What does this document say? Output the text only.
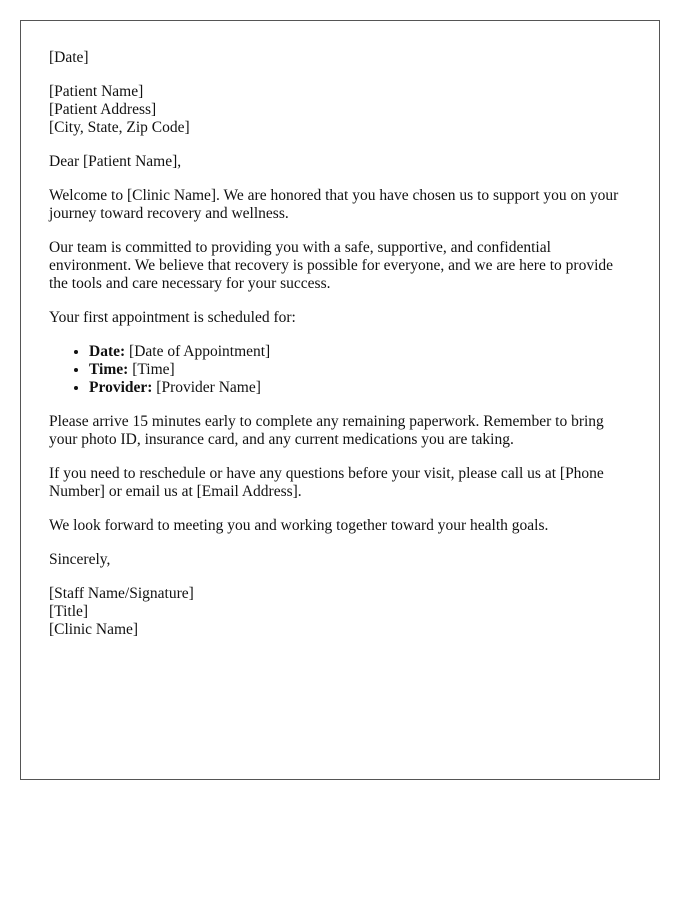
[Date]

[Patient Name]
[Patient Address]
[City, State, Zip Code]

Dear [Patient Name],

Welcome to [Clinic Name]. We are honored that you have chosen us to support you on your journey toward recovery and wellness.

Our team is committed to providing you with a safe, supportive, and confidential environment. We believe that recovery is possible for everyone, and we are here to provide the tools and care necessary for your success.

Your first appointment is scheduled for:

• Date: [Date of Appointment]
• Time: [Time]
• Provider: [Provider Name]

Please arrive 15 minutes early to complete any remaining paperwork. Remember to bring your photo ID, insurance card, and any current medications you are taking.

If you need to reschedule or have any questions before your visit, please call us at [Phone Number] or email us at [Email Address].

We look forward to meeting you and working together toward your health goals.

Sincerely,

[Staff Name/Signature]
[Title]
[Clinic Name]
